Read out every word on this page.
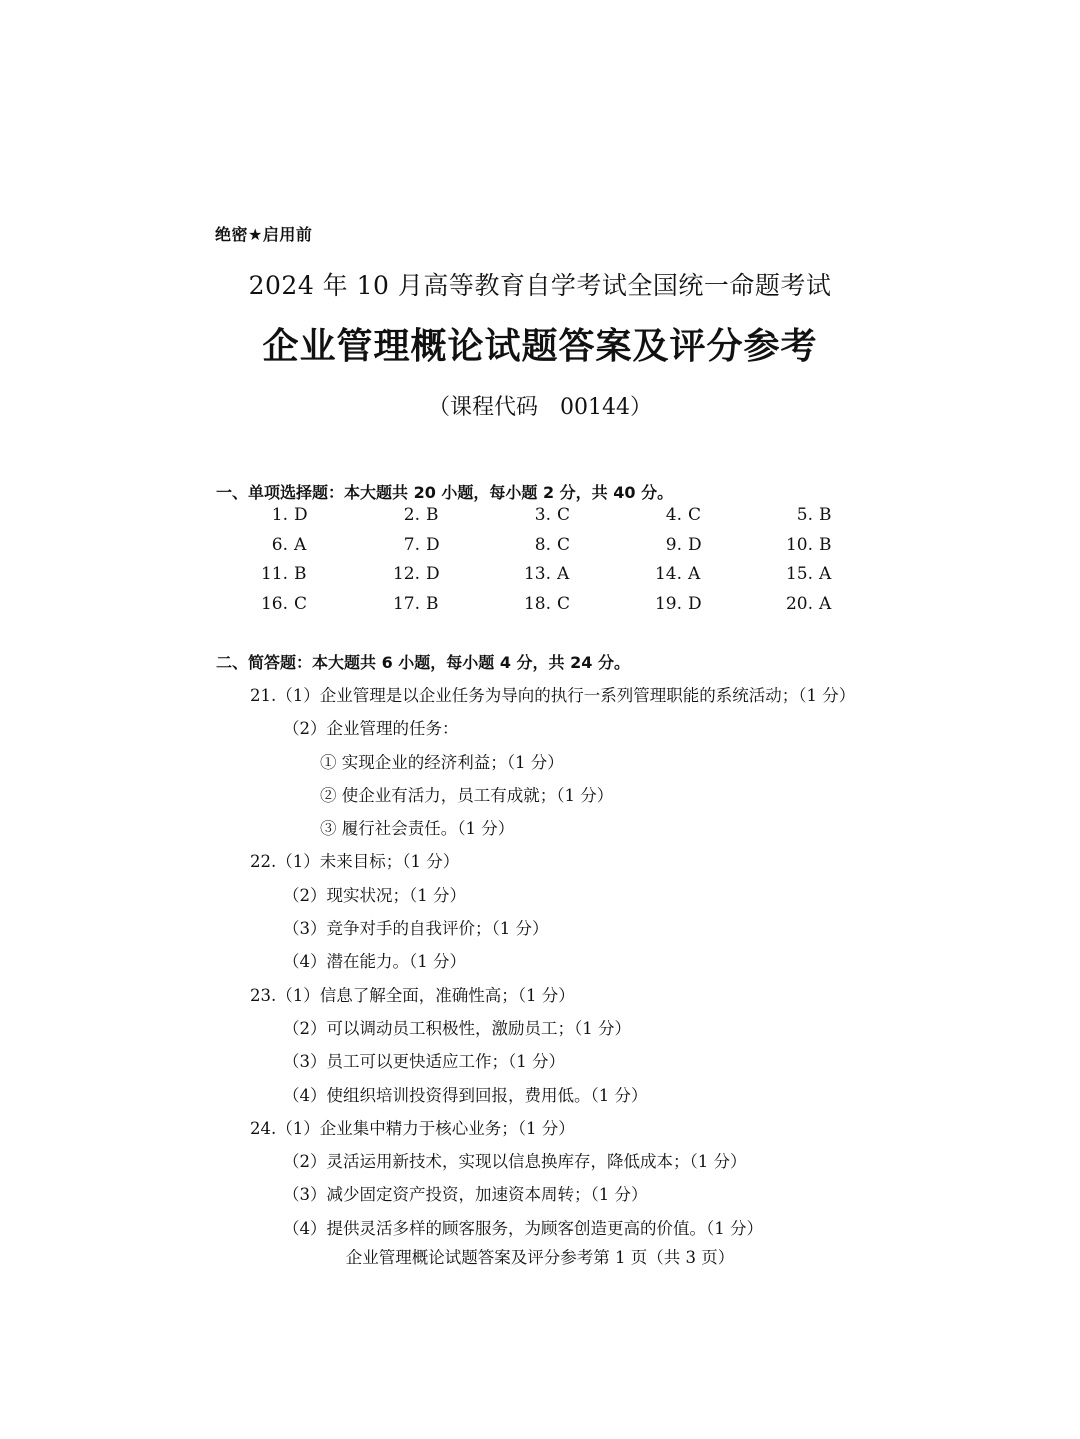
绝密★启用前
2024 年 10 月高等教育自学考试全国统一命题考试
企业管理概论试题答案及评分参考
（课程代码　00144）
一、单项选择题：本大题共 20 小题，每小题 2 分，共 40 分。
1. D	2. B	3. C	4. C	5. B
6. A	7. D	8. C	9. D	10. B
11. B	12. D	13. A	14. A	15. A
16. C	17. B	18. C	19. D	20. A
二、简答题：本大题共 6 小题，每小题 4 分，共 24 分。
21.（1）企业管理是以企业任务为导向的执行一系列管理职能的系统活动；（1 分）
（2）企业管理的任务：
① 实现企业的经济利益；（1 分）
② 使企业有活力，员工有成就；（1 分）
③ 履行社会责任。（1 分）
22.（1）未来目标；（1 分）
（2）现实状况；（1 分）
（3）竞争对手的自我评价；（1 分）
（4）潜在能力。（1 分）
23.（1）信息了解全面，准确性高；（1 分）
（2）可以调动员工积极性，激励员工；（1 分）
（3）员工可以更快适应工作；（1 分）
（4）使组织培训投资得到回报，费用低。（1 分）
24.（1）企业集中精力于核心业务；（1 分）
（2）灵活运用新技术，实现以信息换库存，降低成本；（1 分）
（3）减少固定资产投资，加速资本周转；（1 分）
（4）提供灵活多样的顾客服务，为顾客创造更高的价值。（1 分）
企业管理概论试题答案及评分参考第 1 页（共 3 页）
